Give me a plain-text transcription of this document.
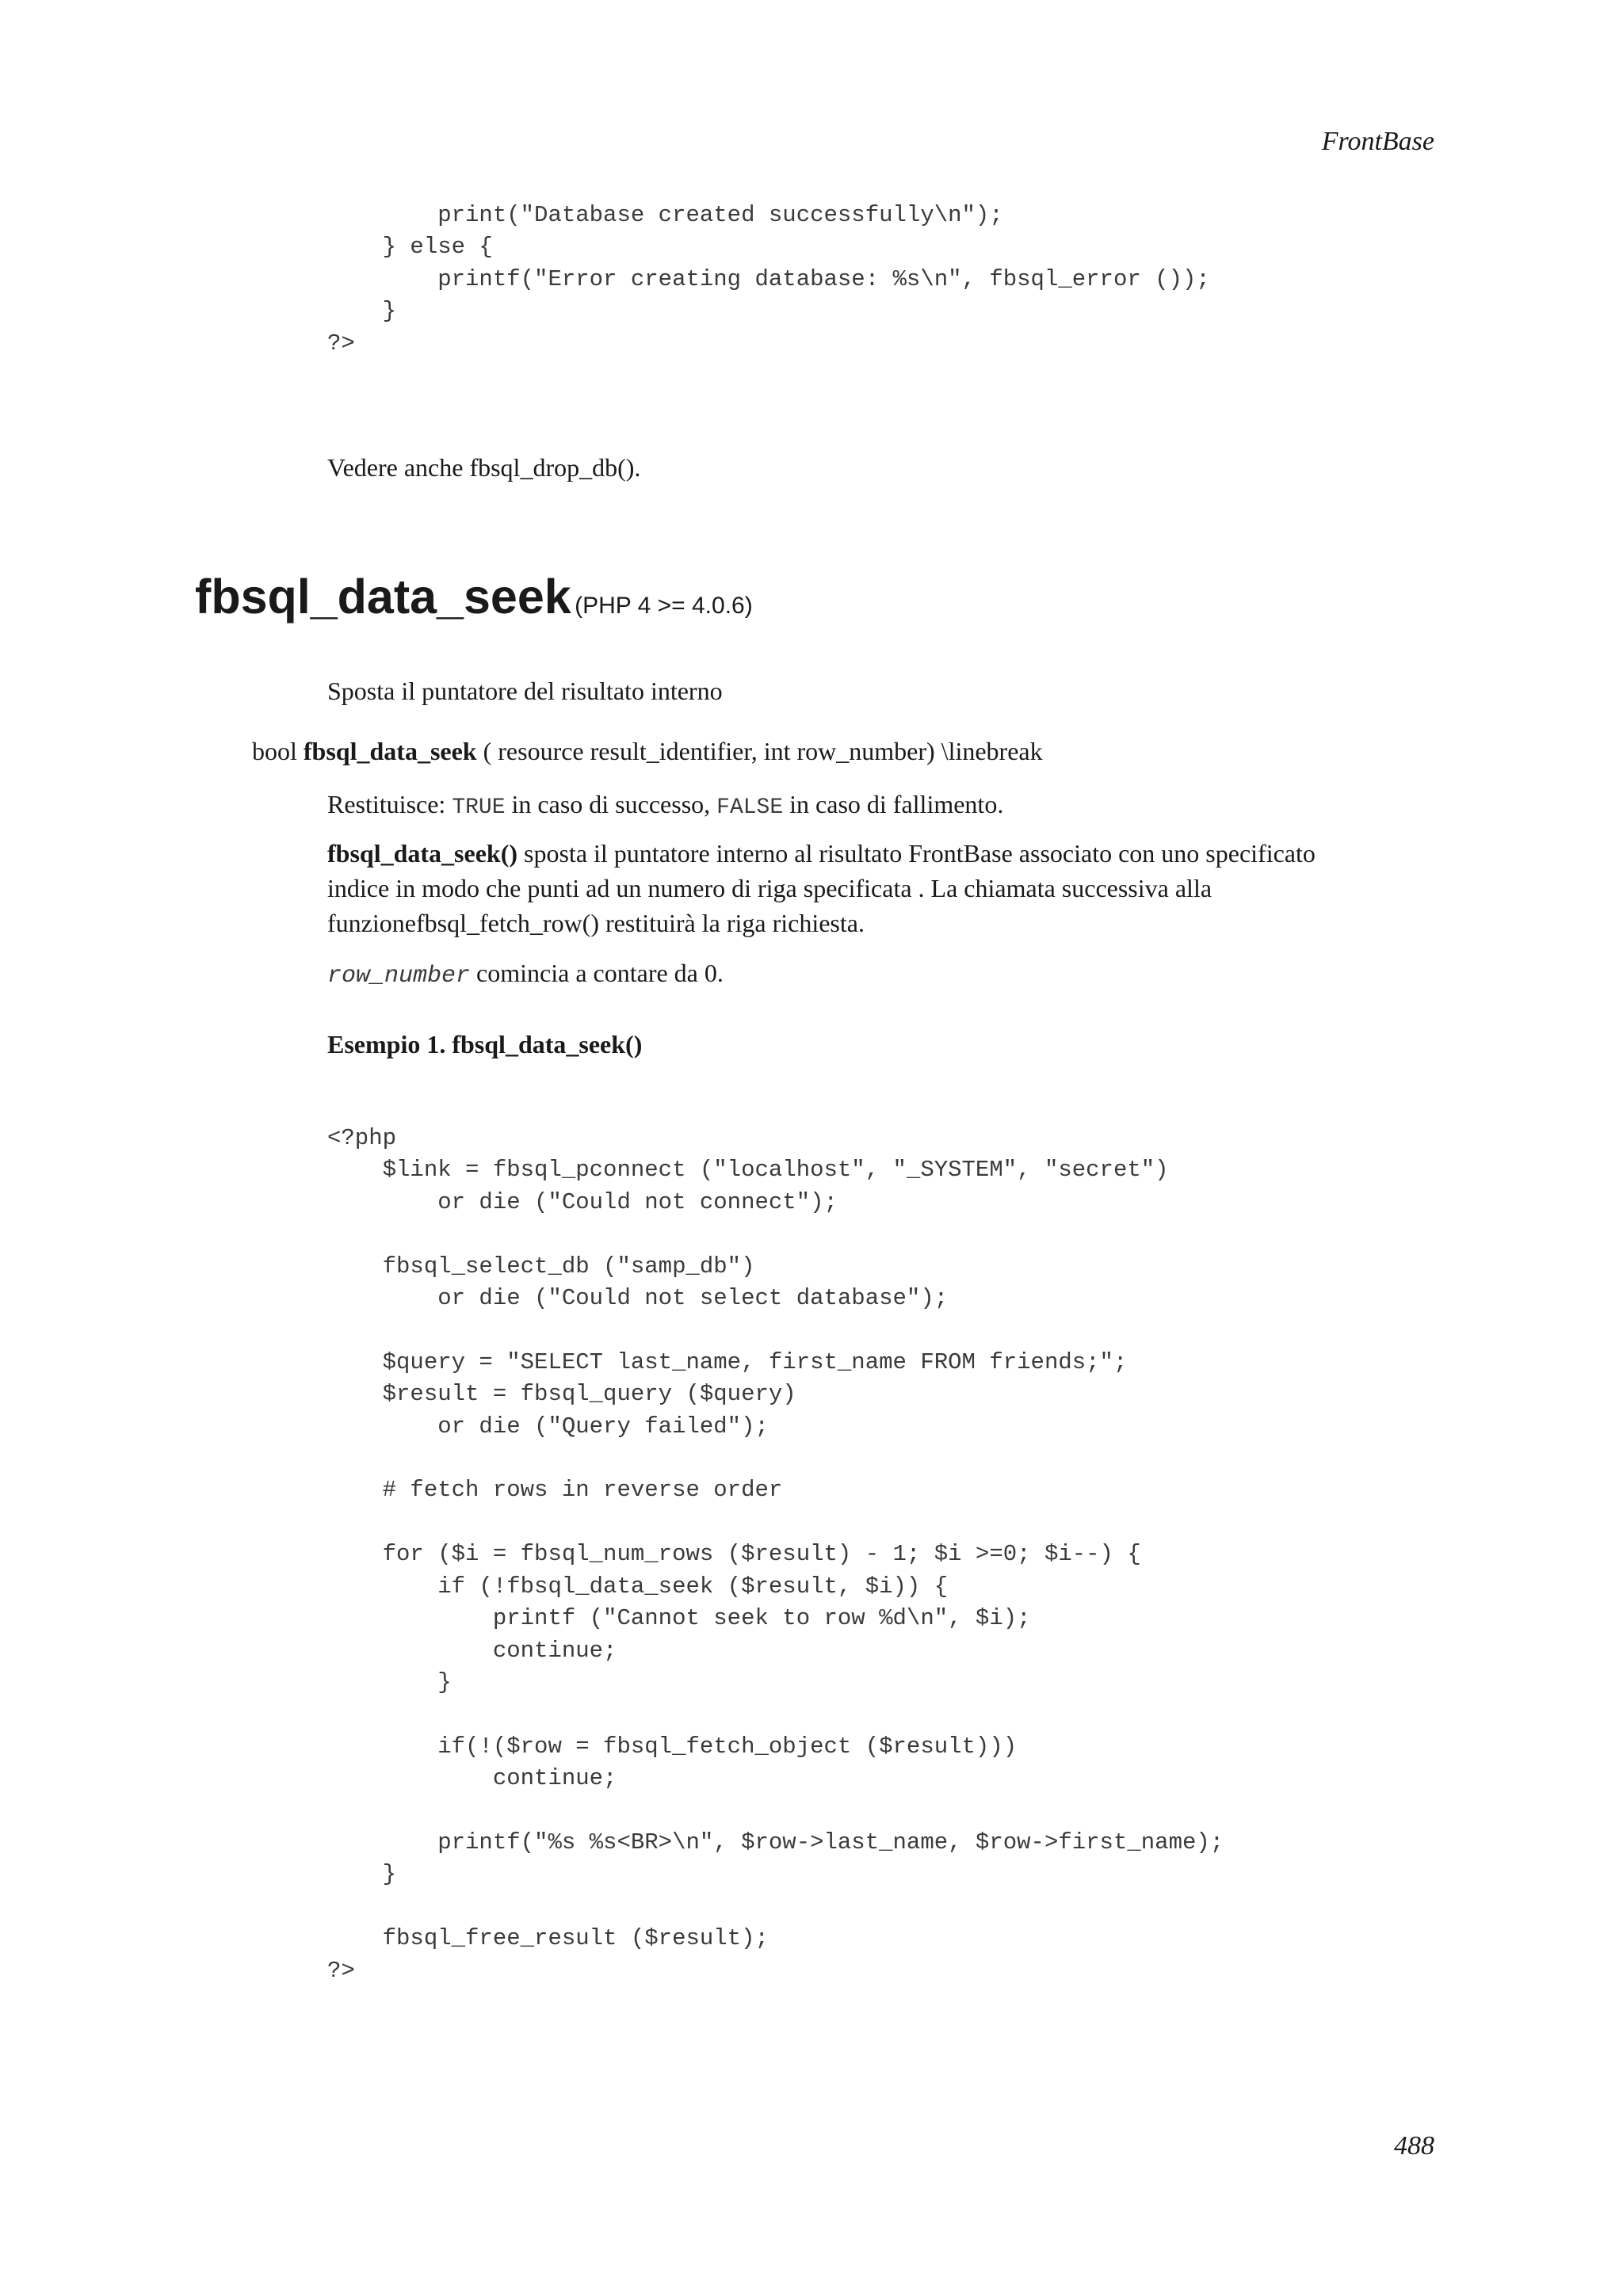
FrontBase
print("Database created successfully\n");
} else {
printf("Error creating database: %s\n", fbsql_error ());
}
?>
Vedere anche fbsql_drop_db().
fbsql_data_seek (PHP 4 >= 4.0.6)
Sposta il puntatore del risultato interno
bool fbsql_data_seek ( resource result_identifier, int row_number) \linebreak
Restituisce: TRUE in caso di successo, FALSE in caso di fallimento.
fbsql_data_seek() sposta il puntatore interno al risultato FrontBase associato con uno specificato
indice in modo che punti ad un numero di riga specificata . La chiamata successiva alla
funzionefbsql_fetch_row() restituirà la riga richiesta.
row_number comincia a contare da 0.
Esempio 1. fbsql_data_seek()
<?php
$link = fbsql_pconnect ("localhost", "_SYSTEM", "secret")
or die ("Could not connect");

fbsql_select_db ("samp_db")
or die ("Could not select database");

$query = "SELECT last_name, first_name FROM friends;";
$result = fbsql_query ($query)
or die ("Query failed");

# fetch rows in reverse order

for ($i = fbsql_num_rows ($result) - 1; $i >=0; $i--) {
if (!fbsql_data_seek ($result, $i)) {
printf ("Cannot seek to row %d\n", $i);
continue;
}

if(!($row = fbsql_fetch_object ($result)))
continue;

printf("%s %s<BR>\n", $row->last_name, $row->first_name);
}

fbsql_free_result ($result);
?>
488
